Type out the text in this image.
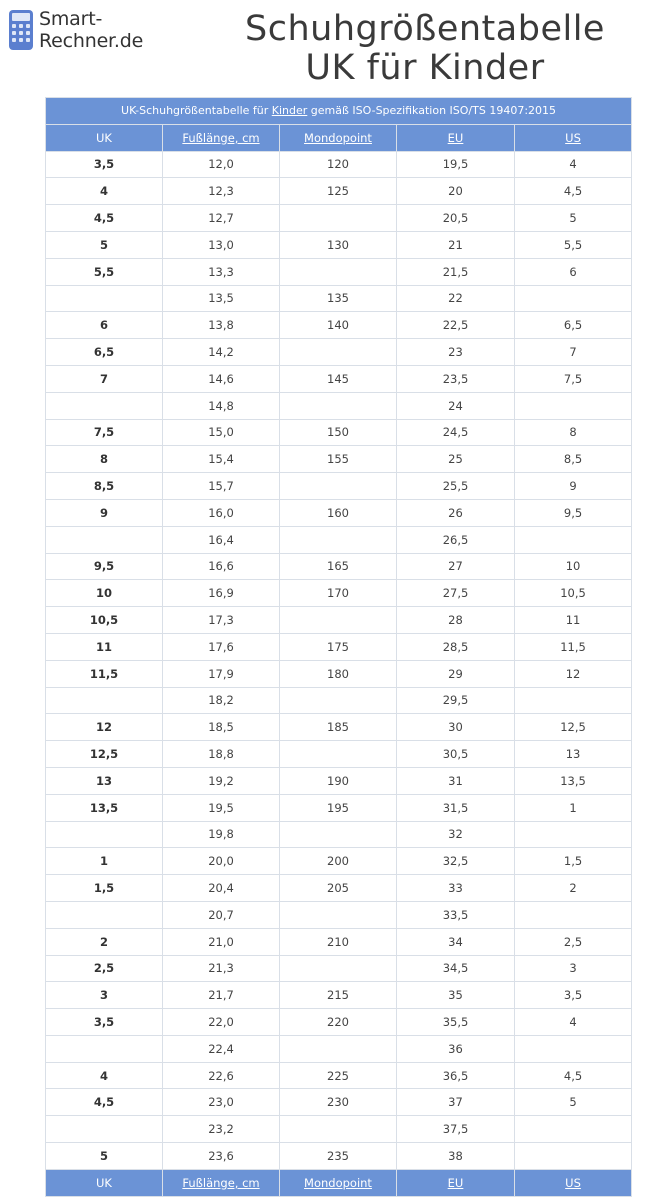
Smart-
Rechner.de	Schuhgrößentabelle
UK für Kinder
UK-Schuhgrößentabelle für Kinder gemäß ISO-Spezifikation ISO/TS 19407:2015				
UK	Fußlänge, cm	Mondopoint	EU	US
3,5	12,0	120	19,5	4
4	12,3	125	20	4,5
4,5	12,7		20,5	5
5	13,0	130	21	5,5
5,5	13,3		21,5	6
	13,5	135	22	
6	13,8	140	22,5	6,5
6,5	14,2		23	7
7	14,6	145	23,5	7,5
	14,8		24	
7,5	15,0	150	24,5	8
8	15,4	155	25	8,5
8,5	15,7		25,5	9
9	16,0	160	26	9,5
	16,4		26,5	
9,5	16,6	165	27	10
10	16,9	170	27,5	10,5
10,5	17,3		28	11
11	17,6	175	28,5	11,5
11,5	17,9	180	29	12
	18,2		29,5	
12	18,5	185	30	12,5
12,5	18,8		30,5	13
13	19,2	190	31	13,5
13,5	19,5	195	31,5	1
	19,8		32	
1	20,0	200	32,5	1,5
1,5	20,4	205	33	2
	20,7		33,5	
2	21,0	210	34	2,5
2,5	21,3		34,5	3
3	21,7	215	35	3,5
3,5	22,0	220	35,5	4
	22,4		36	
4	22,6	225	36,5	4,5
4,5	23,0	230	37	5
	23,2		37,5	
5	23,6	235	38	
UK	Fußlänge, cm	Mondopoint	EU	US
